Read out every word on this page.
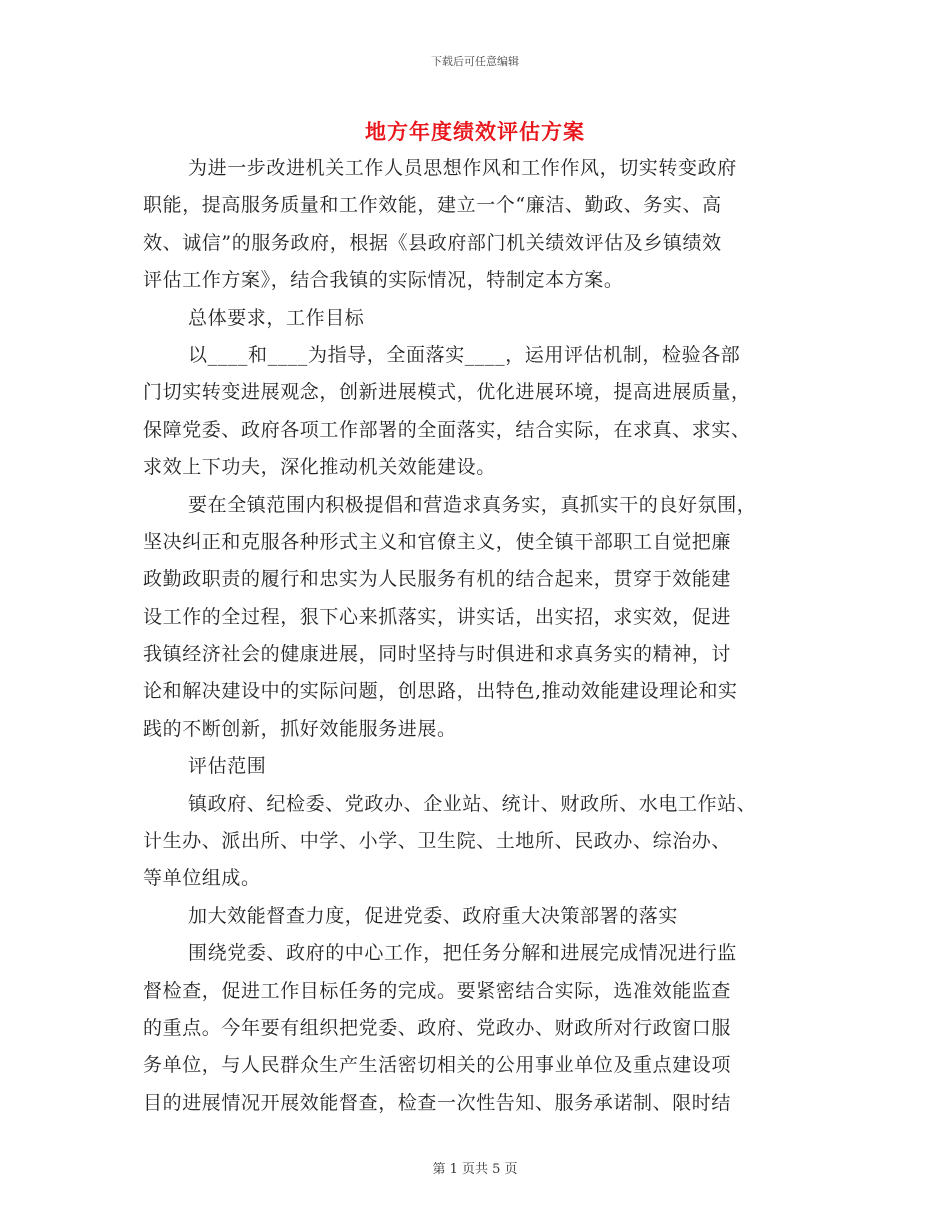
下载后可任意编辑
地方年度绩效评估方案
为进一步改进机关工作人员思想作风和工作作风，切实转变政府
职能，提高服务质量和工作效能，建立一个“廉洁、勤政、务实、高
效、诚信”的服务政府，根据《县政府部门机关绩效评估及乡镇绩效
评估工作方案》，结合我镇的实际情况，特制定本方案。
总体要求，工作目标
以____和____为指导，全面落实____，运用评估机制，检验各部
门切实转变进展观念，创新进展模式，优化进展环境，提高进展质量，
保障党委、政府各项工作部署的全面落实，结合实际，在求真、求实、
求效上下功夫，深化推动机关效能建设。
要在全镇范围内积极提倡和营造求真务实，真抓实干的良好氛围，
坚决纠正和克服各种形式主义和官僚主义，使全镇干部职工自觉把廉
政勤政职责的履行和忠实为人民服务有机的结合起来，贯穿于效能建
设工作的全过程，狠下心来抓落实，讲实话，出实招，求实效，促进
我镇经济社会的健康进展，同时坚持与时俱进和求真务实的精神，讨
论和解决建设中的实际问题，创思路，出特色,推动效能建设理论和实
践的不断创新，抓好效能服务进展。
评估范围
镇政府、纪检委、党政办、企业站、统计、财政所、水电工作站、
计生办、派出所、中学、小学、卫生院、土地所、民政办、综治办、
等单位组成。
加大效能督查力度，促进党委、政府重大决策部署的落实
围绕党委、政府的中心工作，把任务分解和进展完成情况进行监
督检查，促进工作目标任务的完成。要紧密结合实际，选准效能监查
的重点。今年要有组织把党委、政府、党政办、财政所对行政窗口服
务单位，与人民群众生产生活密切相关的公用事业单位及重点建设项
目的进展情况开展效能督查，检查一次性告知、服务承诺制、限时结
第 1 页共 5 页
